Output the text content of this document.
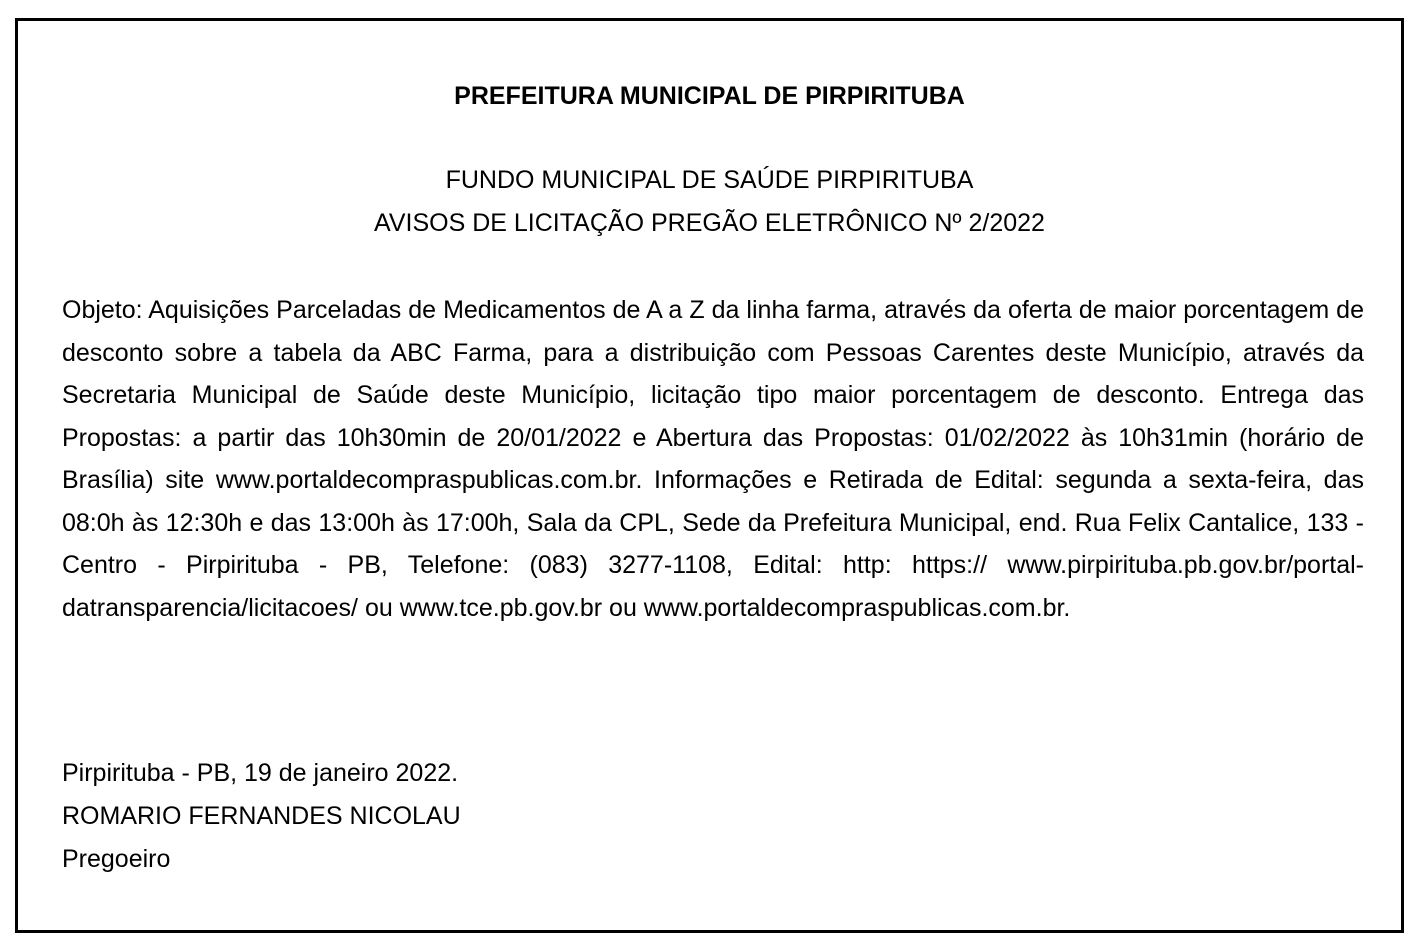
PREFEITURA MUNICIPAL DE PIRPIRITUBA

FUNDO MUNICIPAL DE SAÚDE PIRPIRITUBA

AVISOS DE LICITAÇÃO PREGÃO ELETRÔNICO Nº 2/2022

Objeto: Aquisições Parceladas de Medicamentos de A a Z da linha farma, através da oferta de maior porcentagem de desconto sobre a tabela da ABC Farma, para a distribuição com Pessoas Carentes deste Município, através da Secretaria Municipal de Saúde deste Município, licitação tipo maior porcentagem de desconto. Entrega das Propostas: a partir das 10h30min de 20/01/2022 e Abertura das Propostas: 01/02/2022 às 10h31min (horário de Brasília) site www.portaldecompraspublicas.com.br. Informações e Retirada de Edital: segunda a sexta-feira, das 08:0h às 12:30h e das 13:00h às 17:00h, Sala da CPL, Sede da Prefeitura Municipal, end. Rua Felix Cantalice, 133 - Centro - Pirpirituba - PB, Telefone: (083) 3277-1108, Edital: http: https:// www.pirpirituba.pb.gov.br/portal-datransparencia/licitacoes/ ou www.tce.pb.gov.br ou www.portaldecompraspublicas.com.br.

Pirpirituba - PB, 19 de janeiro 2022.

ROMARIO FERNANDES NICOLAU

Pregoeiro
